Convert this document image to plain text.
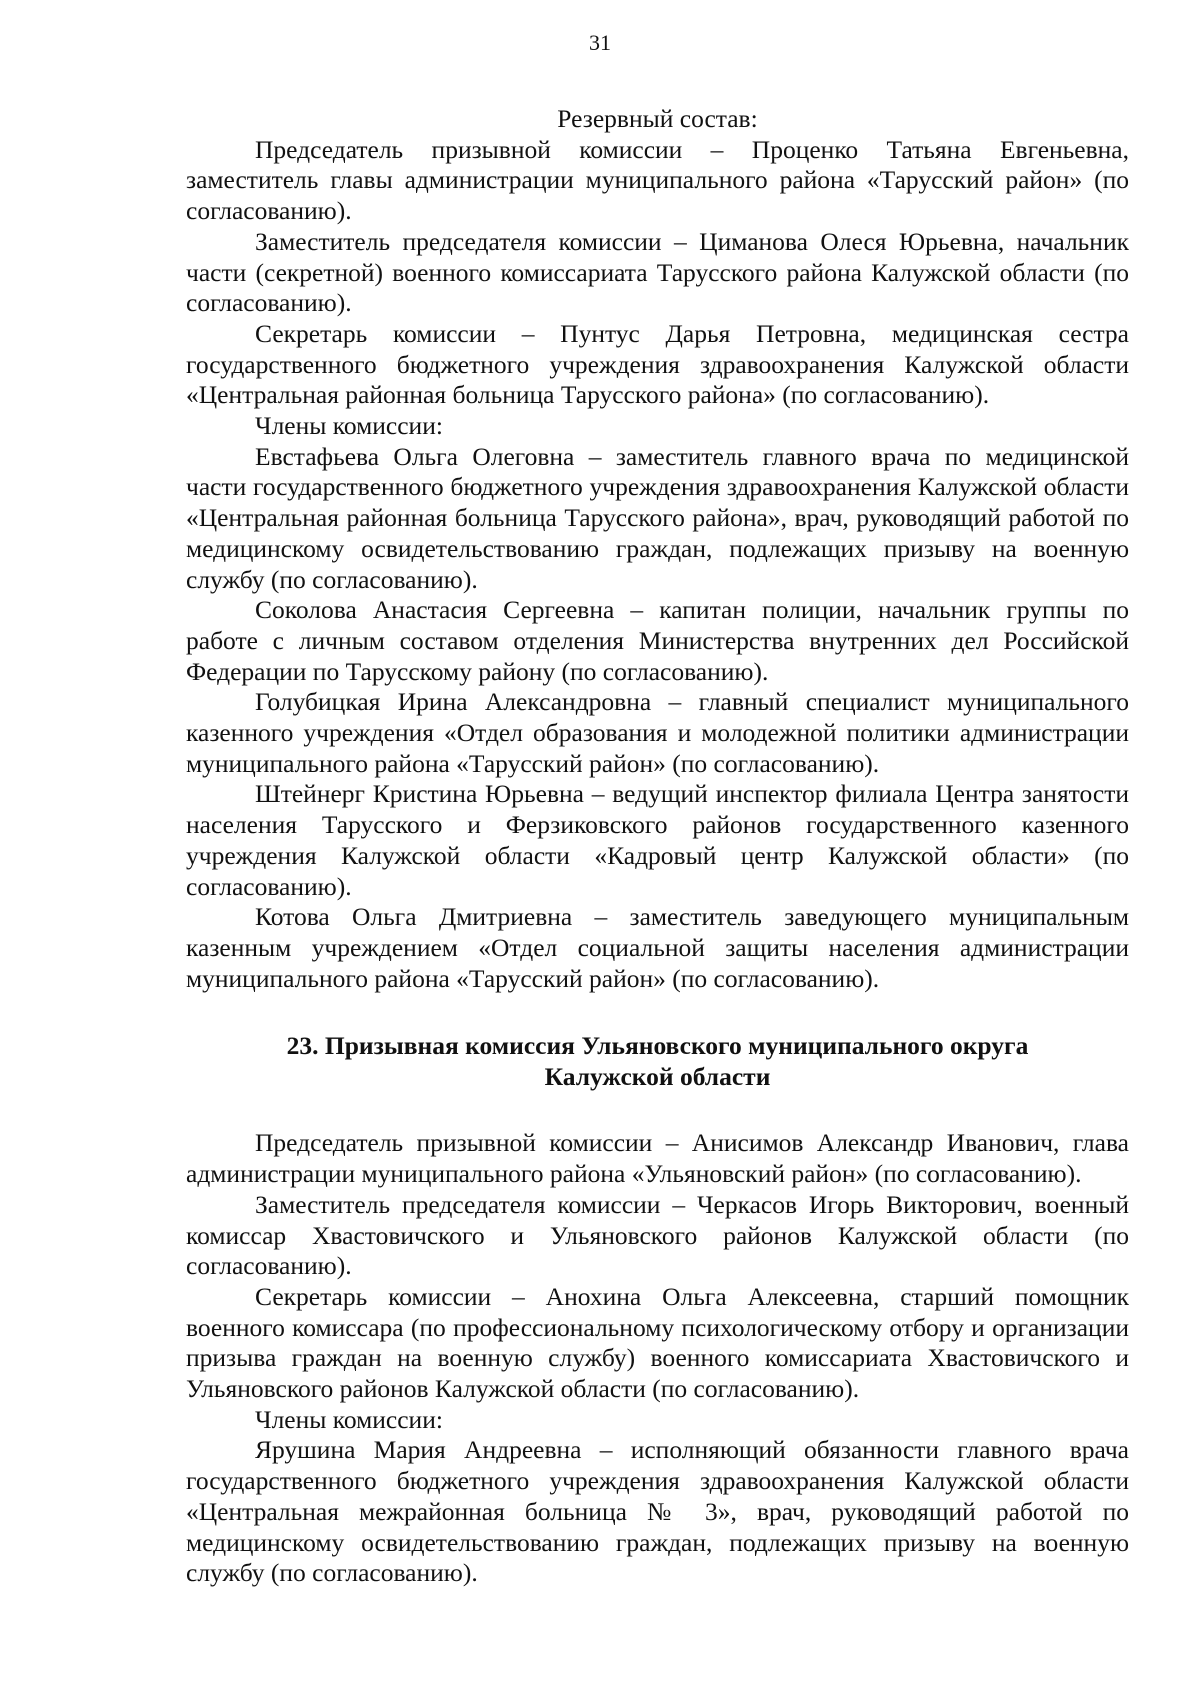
31

Резервный состав:

Председатель призывной комиссии – Проценко Татьяна Евгеньевна, заместитель главы администрации муниципального района «Тарусский район» (по согласованию).

Заместитель председателя комиссии – Циманова Олеся Юрьевна, начальник части (секретной) военного комиссариата Тарусского района Калужской области (по согласованию).

Секретарь комиссии – Пунтус Дарья Петровна, медицинская сестра государственного бюджетного учреждения здравоохранения Калужской области «Центральная районная больница Тарусского района» (по согласованию).

Члены комиссии:

Евстафьева Ольга Олеговна – заместитель главного врача по медицинской части государственного бюджетного учреждения здравоохранения Калужской области «Центральная районная больница Тарусского района», врач, руководящий работой по медицинскому освидетельствованию граждан, подлежащих призыву на военную службу (по согласованию).

Соколова Анастасия Сергеевна – капитан полиции, начальник группы по работе с личным составом отделения Министерства внутренних дел Российской Федерации по Тарусскому району (по согласованию).

Голубицкая Ирина Александровна – главный специалист муниципального казенного учреждения «Отдел образования и молодежной политики администрации муниципального района «Тарусский район» (по согласованию).

Штейнерг Кристина Юрьевна – ведущий инспектор филиала Центра занятости населения Тарусского и Ферзиковского районов государственного казенного учреждения Калужской области «Кадровый центр Калужской области» (по согласованию).

Котова Ольга Дмитриевна – заместитель заведующего муниципальным казенным учреждением «Отдел социальной защиты населения администрации муниципального района «Тарусский район» (по согласованию).

23. Призывная комиссия Ульяновского муниципального округа
Калужской области

Председатель призывной комиссии – Анисимов Александр Иванович, глава администрации муниципального района «Ульяновский район» (по согласованию).

Заместитель председателя комиссии – Черкасов Игорь Викторович, военный комиссар Хвастовичского и Ульяновского районов Калужской области (по согласованию).

Секретарь комиссии – Анохина Ольга Алексеевна, старший помощник военного комиссара (по профессиональному психологическому отбору и организации призыва граждан на военную службу) военного комиссариата Хвастовичского и Ульяновского районов Калужской области (по согласованию).

Члены комиссии:

Ярушина Мария Андреевна – исполняющий обязанности главного врача государственного бюджетного учреждения здравоохранения Калужской области «Центральная межрайонная больница № 3», врач, руководящий работой по медицинскому освидетельствованию граждан, подлежащих призыву на военную службу (по согласованию).
